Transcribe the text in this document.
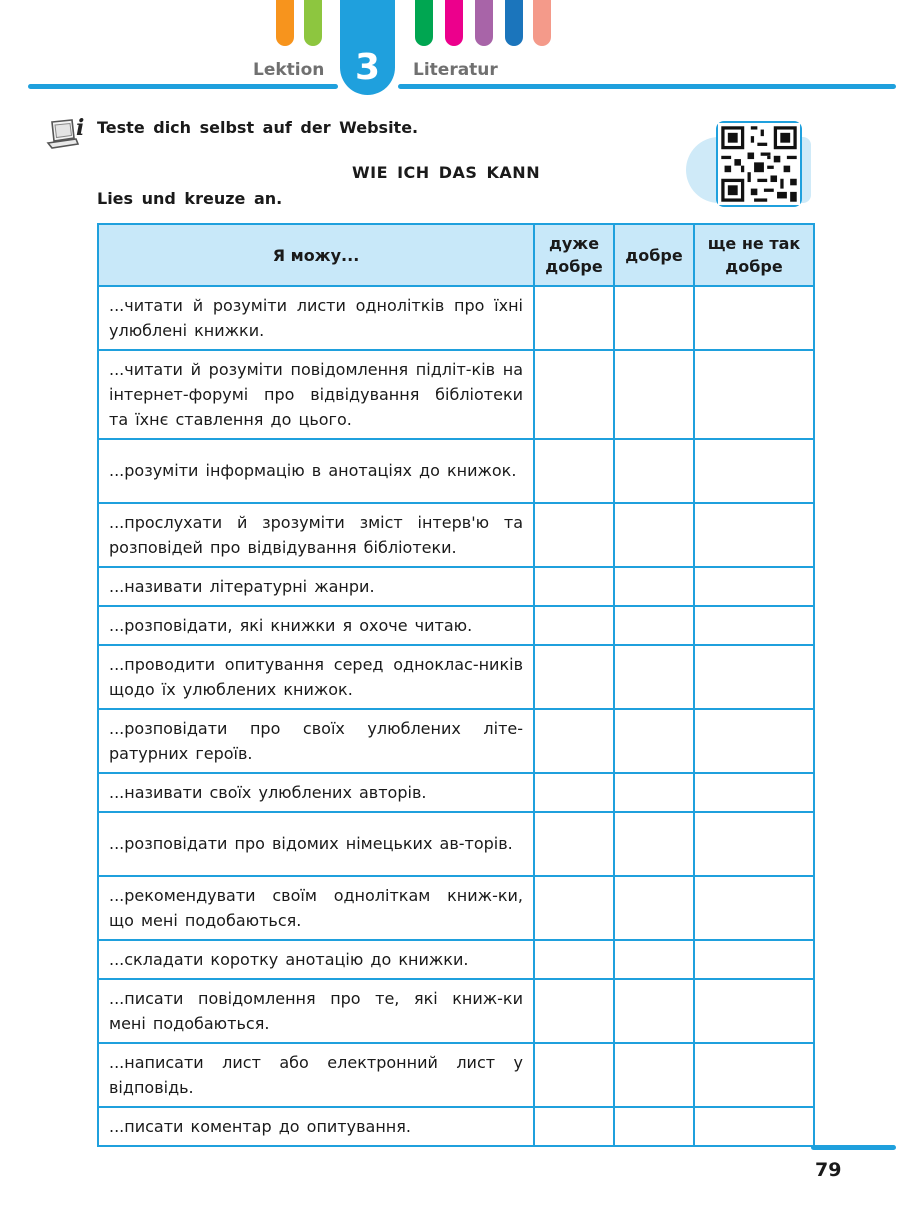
Lektion 3	Literatur
i Teste dich selbst auf der Website.
WIE ICH DAS KANN
Lies und kreuze an.
Я можу...	дуже добре	добре	ще не так добре
...читати й розуміти листи однолітків про їхні улюблені книжки.			
...читати й розуміти повідомлення підліт-ків на інтернет-форумі про відвідування бібліотеки та їхнє ставлення до цього.			
...розуміти інформацію в анотаціях до книжок.			
...прослухати й зрозуміти зміст інтерв'ю та розповідей про відвідування бібліотеки.			
...називати літературні жанри.			
...розповідати, які книжки я охоче читаю.			
...проводити опитування серед одноклас-ників щодо їх улюблених книжок.			
...розповідати про своїх улюблених літе-ратурних героїв.			
...називати своїх улюблених авторів.			
...розповідати про відомих німецьких ав-торів.			
...рекомендувати своїм однолiткам книж-ки, що мені подобаються.			
...складати коротку анотацію до книжки.			
...писати повідомлення про те, які книж-ки мені подобаються.			
...написати лист або електронний лист у відповідь.			
...писати коментар до опитування.			
79
